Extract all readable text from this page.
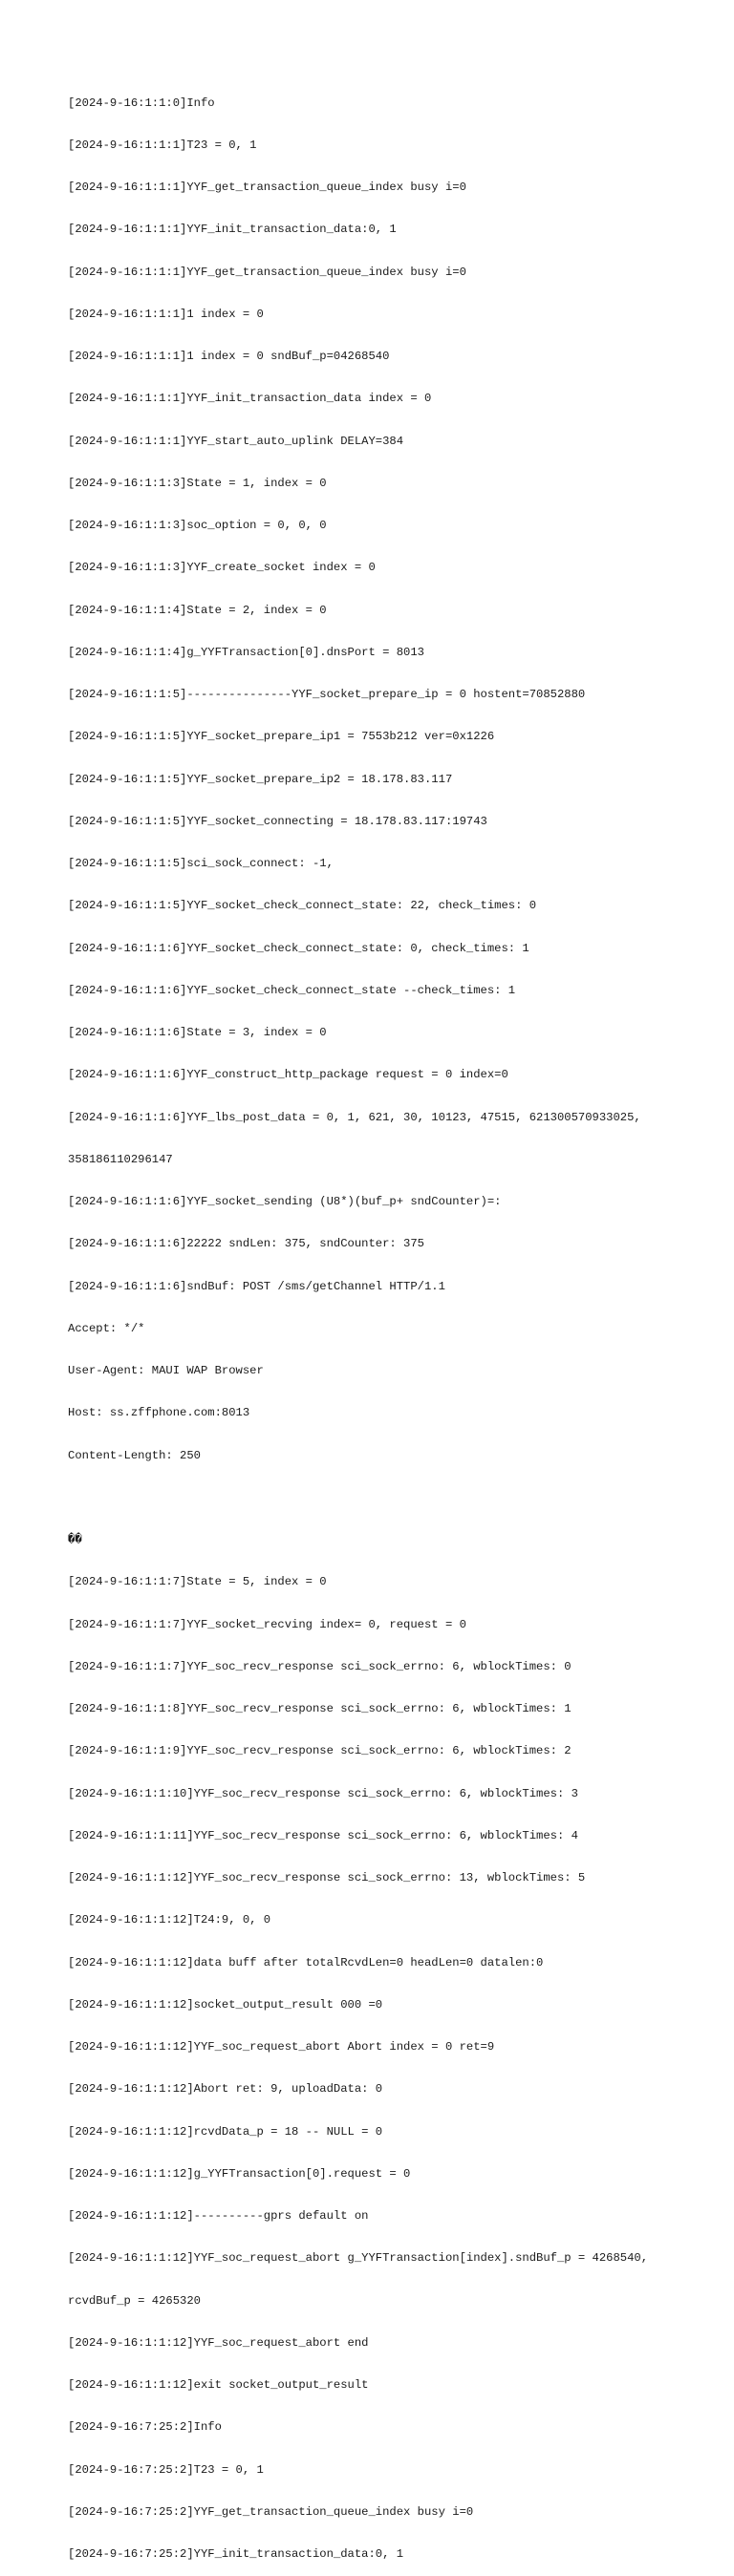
[2024-9-16:1:1:0]Info

[2024-9-16:1:1:1]T23 = 0, 1

[2024-9-16:1:1:1]YYF_get_transaction_queue_index busy i=0

[2024-9-16:1:1:1]YYF_init_transaction_data:0, 1

[2024-9-16:1:1:1]YYF_get_transaction_queue_index busy i=0

[2024-9-16:1:1:1]1 index = 0

[2024-9-16:1:1:1]1 index = 0 sndBuf_p=04268540

[2024-9-16:1:1:1]YYF_init_transaction_data index = 0

[2024-9-16:1:1:1]YYF_start_auto_uplink DELAY=384

[2024-9-16:1:1:3]State = 1, index = 0

[2024-9-16:1:1:3]soc_option = 0, 0, 0

[2024-9-16:1:1:3]YYF_create_socket index = 0

[2024-9-16:1:1:4]State = 2, index = 0

[2024-9-16:1:1:4]g_YYFTransaction[0].dnsPort = 8013

[2024-9-16:1:1:5]---------------YYF_socket_prepare_ip = 0 hostent=70852880

[2024-9-16:1:1:5]YYF_socket_prepare_ip1 = 7553b212 ver=0x1226

[2024-9-16:1:1:5]YYF_socket_prepare_ip2 = 18.178.83.117

[2024-9-16:1:1:5]YYF_socket_connecting = 18.178.83.117:19743

[2024-9-16:1:1:5]sci_sock_connect: -1,

[2024-9-16:1:1:5]YYF_socket_check_connect_state: 22, check_times: 0

[2024-9-16:1:1:6]YYF_socket_check_connect_state: 0, check_times: 1

[2024-9-16:1:1:6]YYF_socket_check_connect_state --check_times: 1

[2024-9-16:1:1:6]State = 3, index = 0

[2024-9-16:1:1:6]YYF_construct_http_package request = 0 index=0

[2024-9-16:1:1:6]YYF_lbs_post_data = 0, 1, 621, 30, 10123, 47515, 621300570933025,

358186110296147

[2024-9-16:1:1:6]YYF_socket_sending (U8*)(buf_p+ sndCounter)=:

[2024-9-16:1:1:6]22222 sndLen: 375, sndCounter: 375

[2024-9-16:1:1:6]sndBuf: POST /sms/getChannel HTTP/1.1

Accept: */*

User-Agent: MAUI WAP Browser

Host: ss.zffphone.com:8013

Content-Length: 250

��

[2024-9-16:1:1:7]State = 5, index = 0

[2024-9-16:1:1:7]YYF_socket_recving index= 0, request = 0

[2024-9-16:1:1:7]YYF_soc_recv_response sci_sock_errno: 6, wblockTimes: 0

[2024-9-16:1:1:8]YYF_soc_recv_response sci_sock_errno: 6, wblockTimes: 1

[2024-9-16:1:1:9]YYF_soc_recv_response sci_sock_errno: 6, wblockTimes: 2

[2024-9-16:1:1:10]YYF_soc_recv_response sci_sock_errno: 6, wblockTimes: 3

[2024-9-16:1:1:11]YYF_soc_recv_response sci_sock_errno: 6, wblockTimes: 4

[2024-9-16:1:1:12]YYF_soc_recv_response sci_sock_errno: 13, wblockTimes: 5

[2024-9-16:1:1:12]T24:9, 0, 0

[2024-9-16:1:1:12]data buff after totalRcvdLen=0 headLen=0 datalen:0

[2024-9-16:1:1:12]socket_output_result 000 =0

[2024-9-16:1:1:12]YYF_soc_request_abort Abort index = 0 ret=9

[2024-9-16:1:1:12]Abort ret: 9, uploadData: 0

[2024-9-16:1:1:12]rcvdData_p = 18 -- NULL = 0

[2024-9-16:1:1:12]g_YYFTransaction[0].request = 0

[2024-9-16:1:1:12]----------gprs default on

[2024-9-16:1:1:12]YYF_soc_request_abort g_YYFTransaction[index].sndBuf_p = 4268540,

rcvdBuf_p = 4265320

[2024-9-16:1:1:12]YYF_soc_request_abort end

[2024-9-16:1:1:12]exit socket_output_result

[2024-9-16:7:25:2]Info

[2024-9-16:7:25:2]T23 = 0, 1

[2024-9-16:7:25:2]YYF_get_transaction_queue_index busy i=0

[2024-9-16:7:25:2]YYF_init_transaction_data:0, 1
